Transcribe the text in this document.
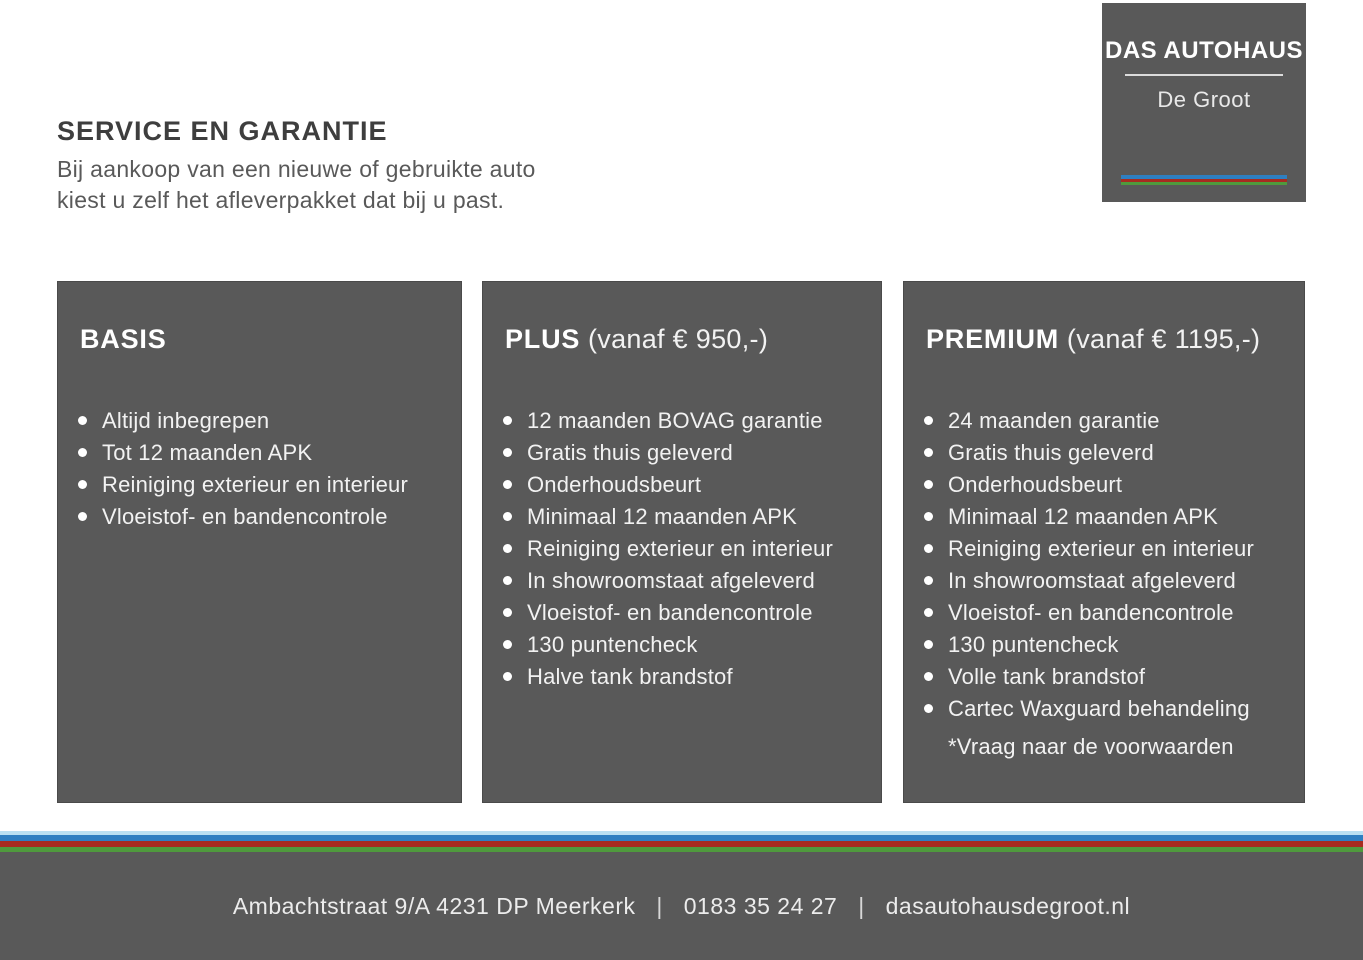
SERVICE EN GARANTIE

Bij aankoop van een nieuwe of gebruikte auto
kiest u zelf het afleverpakket dat bij u past.

DAS AUTOHAUS
De Groot
BASIS
Altijd inbegrepen
Tot 12 maanden APK
Reiniging exterieur en interieur
Vloeistof- en bandencontrole
PLUS (vanaf € 950,-)
12 maanden BOVAG garantie
Gratis thuis geleverd
Onderhoudsbeurt
Minimaal 12 maanden APK
Reiniging exterieur en interieur
In showroomstaat afgeleverd
Vloeistof- en bandencontrole
130 puntencheck
Halve tank brandstof
PREMIUM (vanaf € 1195,-)
24 maanden garantie
Gratis thuis geleverd
Onderhoudsbeurt
Minimaal 12 maanden APK
Reiniging exterieur en interieur
In showroomstaat afgeleverd
Vloeistof- en bandencontrole
130 puntencheck
Volle tank brandstof
Cartec Waxguard behandeling
*Vraag naar de voorwaarden
Ambachtstraat 9/A 4231 DP Meerkerk | 0183 35 24 27 | dasautohausdegroot.nl
